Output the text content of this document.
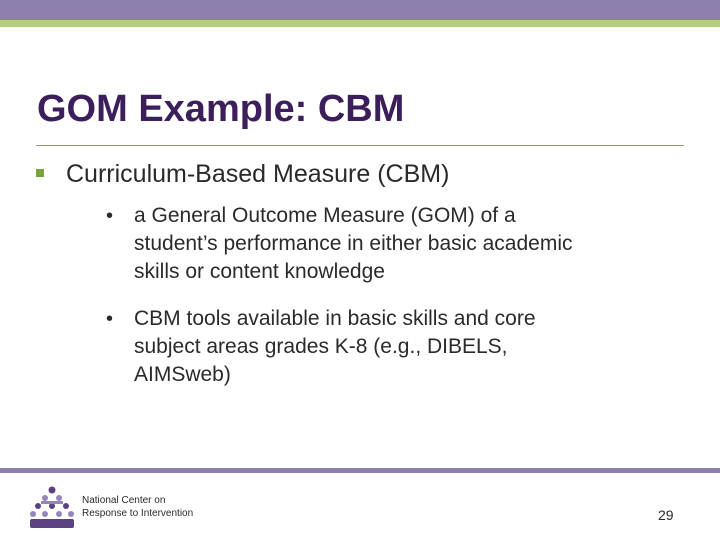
GOM Example: CBM
Curriculum-Based Measure (CBM)
• a General Outcome Measure (GOM) of a
student’s performance in either basic academic
skills or content knowledge
• CBM tools available in basic skills and core
subject areas grades K-8 (e.g., DIBELS,
AIMSweb)
National Center on
Response to Intervention	29
